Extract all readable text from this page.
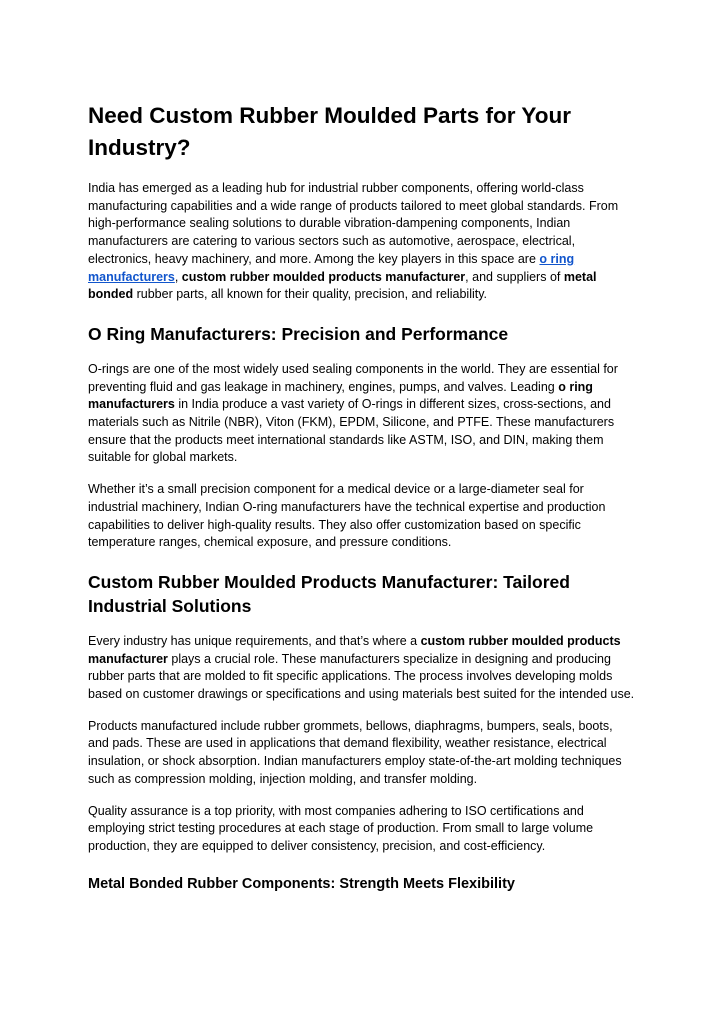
Need Custom Rubber Moulded Parts for Your Industry?

India has emerged as a leading hub for industrial rubber components, offering world-class manufacturing capabilities and a wide range of products tailored to meet global standards. From high-performance sealing solutions to durable vibration-dampening components, Indian manufacturers are catering to various sectors such as automotive, aerospace, electrical, electronics, heavy machinery, and more. Among the key players in this space are o ring manufacturers, custom rubber moulded products manufacturer, and suppliers of metal bonded rubber parts, all known for their quality, precision, and reliability.

O Ring Manufacturers: Precision and Performance

O-rings are one of the most widely used sealing components in the world. They are essential for preventing fluid and gas leakage in machinery, engines, pumps, and valves. Leading o ring manufacturers in India produce a vast variety of O-rings in different sizes, cross-sections, and materials such as Nitrile (NBR), Viton (FKM), EPDM, Silicone, and PTFE. These manufacturers ensure that the products meet international standards like ASTM, ISO, and DIN, making them suitable for global markets.

Whether it’s a small precision component for a medical device or a large-diameter seal for industrial machinery, Indian O-ring manufacturers have the technical expertise and production capabilities to deliver high-quality results. They also offer customization based on specific temperature ranges, chemical exposure, and pressure conditions.

Custom Rubber Moulded Products Manufacturer: Tailored Industrial Solutions

Every industry has unique requirements, and that’s where a custom rubber moulded products manufacturer plays a crucial role. These manufacturers specialize in designing and producing rubber parts that are molded to fit specific applications. The process involves developing molds based on customer drawings or specifications and using materials best suited for the intended use.

Products manufactured include rubber grommets, bellows, diaphragms, bumpers, seals, boots, and pads. These are used in applications that demand flexibility, weather resistance, electrical insulation, or shock absorption. Indian manufacturers employ state-of-the-art molding techniques such as compression molding, injection molding, and transfer molding.

Quality assurance is a top priority, with most companies adhering to ISO certifications and employing strict testing procedures at each stage of production. From small to large volume production, they are equipped to deliver consistency, precision, and cost-efficiency.

Metal Bonded Rubber Components: Strength Meets Flexibility
